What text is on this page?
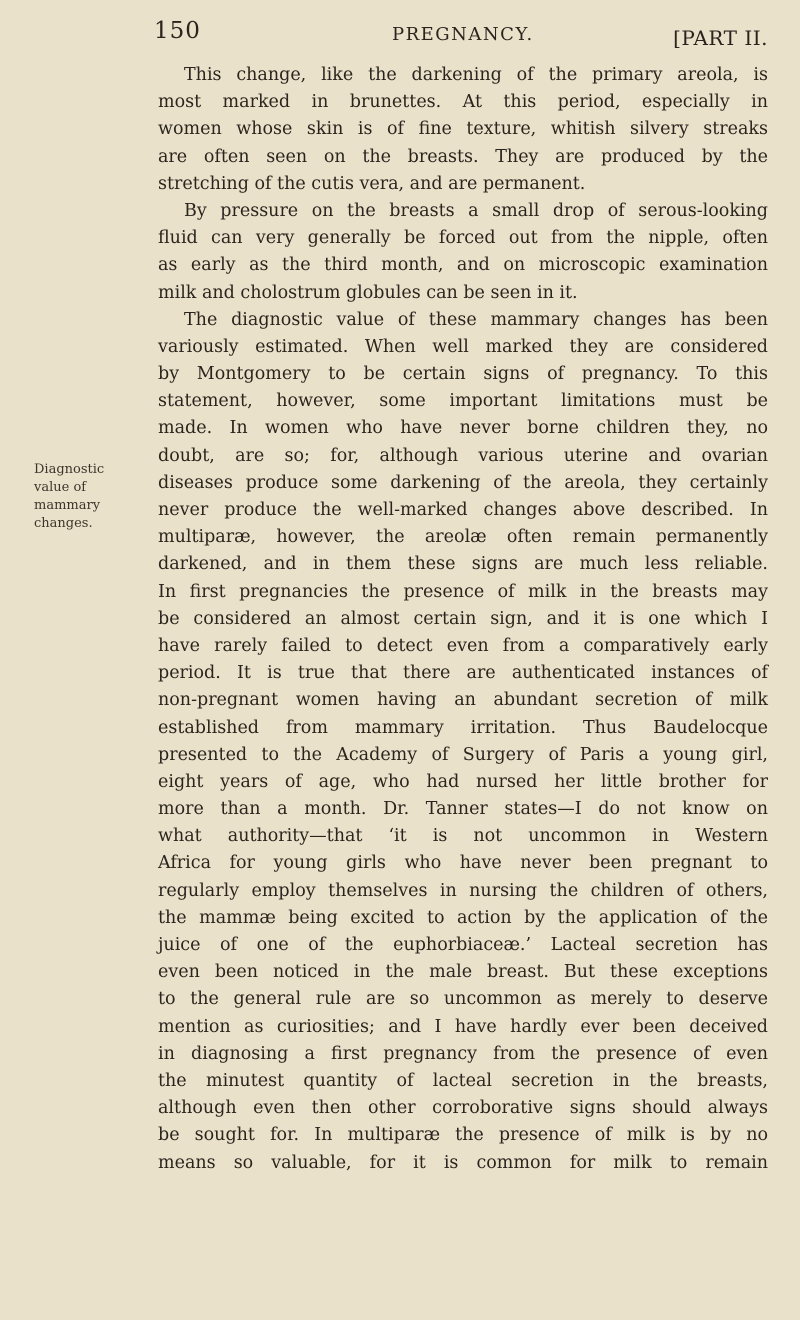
150	PREGNANCY.	[PART II.
Diagnostic
value of
mammary
changes.
This change, like the darkening of the primary areola, is
most marked in brunettes. At this period, especially in
women whose skin is of fine texture, whitish silvery streaks
are often seen on the breasts. They are produced by the
stretching of the cutis vera, and are permanent.
By pressure on the breasts a small drop of serous-looking
fluid can very generally be forced out from the nipple, often
as early as the third month, and on microscopic examination
milk and cholostrum globules can be seen in it.
The diagnostic value of these mammary changes has been
variously estimated. When well marked they are considered
by Montgomery to be certain signs of pregnancy. To this
statement, however, some important limitations must be
made. In women who have never borne children they, no
doubt, are so; for, although various uterine and ovarian
diseases produce some darkening of the areola, they certainly
never produce the well-marked changes above described. In
multiparæ, however, the areolæ often remain permanently
darkened, and in them these signs are much less reliable.
In first pregnancies the presence of milk in the breasts may
be considered an almost certain sign, and it is one which I
have rarely failed to detect even from a comparatively early
period. It is true that there are authenticated instances of
non-pregnant women having an abundant secretion of milk
established from mammary irritation. Thus Baudelocque
presented to the Academy of Surgery of Paris a young girl,
eight years of age, who had nursed her little brother for
more than a month. Dr. Tanner states—I do not know on
what authority—that ‘it is not uncommon in Western
Africa for young girls who have never been pregnant to
regularly employ themselves in nursing the children of others,
the mammæ being excited to action by the application of the
juice of one of the euphorbiaceæ.’ Lacteal secretion has
even been noticed in the male breast. But these exceptions
to the general rule are so uncommon as merely to deserve
mention as curiosities; and I have hardly ever been deceived
in diagnosing a first pregnancy from the presence of even
the minutest quantity of lacteal secretion in the breasts,
although even then other corroborative signs should always
be sought for. In multiparæ the presence of milk is by no
means so valuable, for it is common for milk to remain
